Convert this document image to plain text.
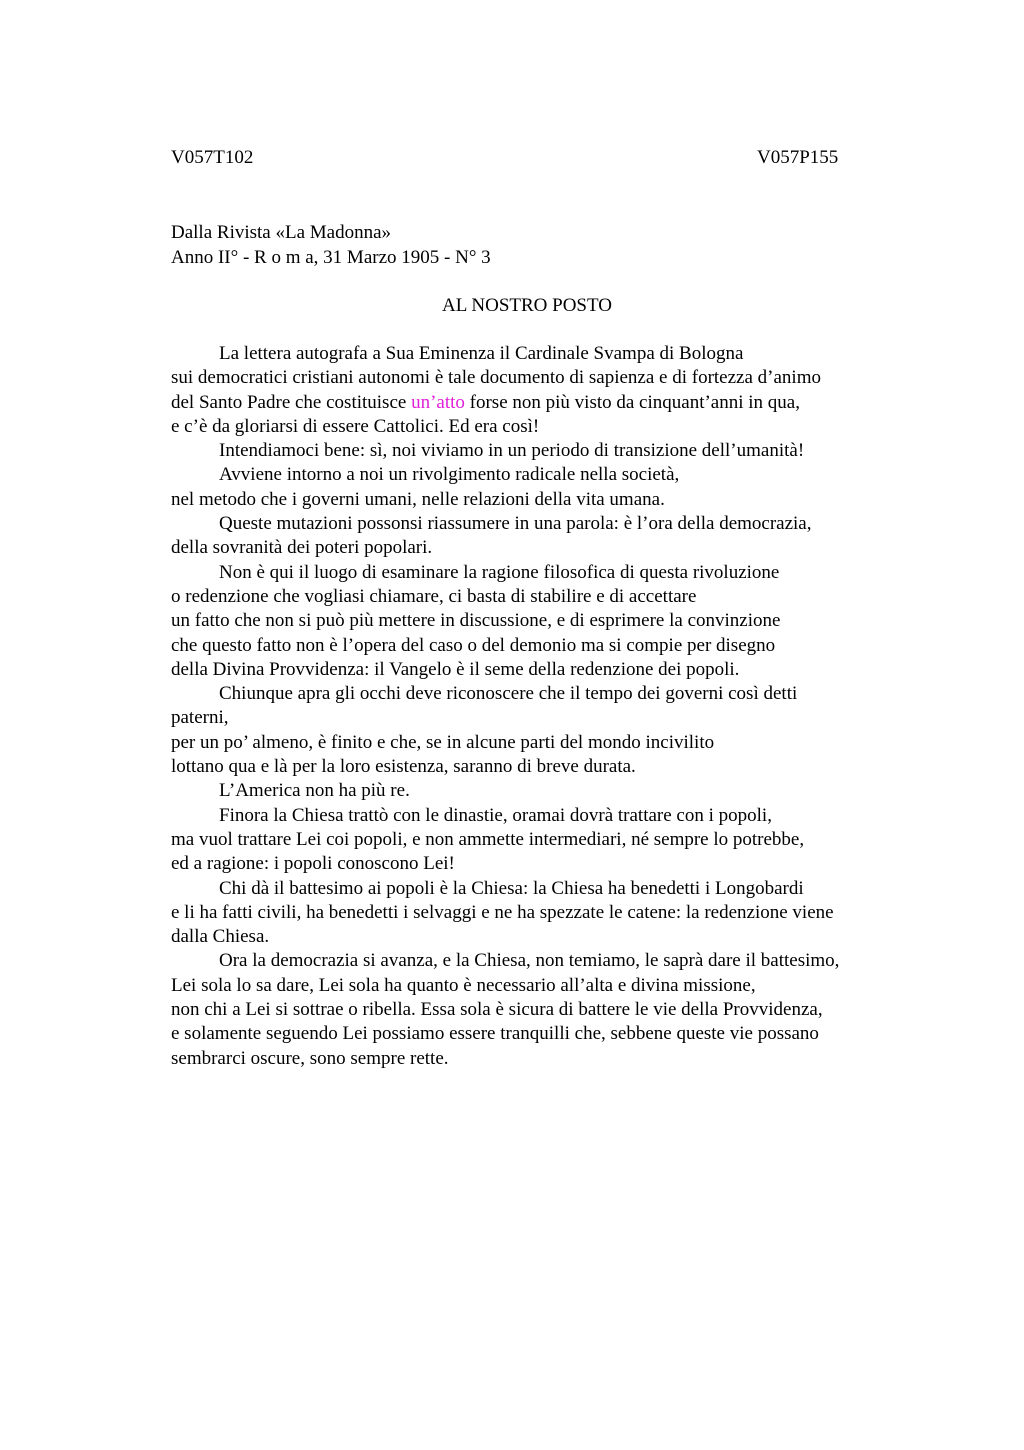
V057T102	V057P155
Dalla Rivista «La Madonna»
Anno II° - R o m a, 31 Marzo 1905 - N° 3
AL NOSTRO POSTO
La lettera autografa a Sua Eminenza il Cardinale Svampa di Bologna
sui democratici cristiani autonomi è tale documento di sapienza e di fortezza d’animo
del Santo Padre che costituisce un’atto forse non più visto da cinquant’anni in qua,
e c’è da gloriarsi di essere Cattolici. Ed era così!
Intendiamoci bene: sì, noi viviamo in un periodo di transizione dell’umanità!
Avviene intorno a noi un rivolgimento radicale nella società,
nel metodo che i governi umani, nelle relazioni della vita umana.
Queste mutazioni possonsi riassumere in una parola: è l’ora della democrazia,
della sovranità dei poteri popolari.
Non è qui il luogo di esaminare la ragione filosofica di questa rivoluzione
o redenzione che vogliasi chiamare, ci basta di stabilire e di accettare
un fatto che non si può più mettere in discussione, e di esprimere la convinzione
che questo fatto non è l’opera del caso o del demonio ma si compie per disegno
della Divina Provvidenza: il Vangelo è il seme della redenzione dei popoli.
Chiunque apra gli occhi deve riconoscere che il tempo dei governi così detti
paterni,
per un po’ almeno, è finito e che, se in alcune parti del mondo incivilito
lottano qua e là per la loro esistenza, saranno di breve durata.
L’America non ha più re.
Finora la Chiesa trattò con le dinastie, oramai dovrà trattare con i popoli,
ma vuol trattare Lei coi popoli, e non ammette intermediari, né sempre lo potrebbe,
ed a ragione: i popoli conoscono Lei!
Chi dà il battesimo ai popoli è la Chiesa: la Chiesa ha benedetti i Longobardi
e li ha fatti civili, ha benedetti i selvaggi e ne ha spezzate le catene: la redenzione viene
dalla Chiesa.
Ora la democrazia si avanza, e la Chiesa, non temiamo, le saprà dare il battesimo,
Lei sola lo sa dare, Lei sola ha quanto è necessario all’alta e divina missione,
non chi a Lei si sottrae o ribella. Essa sola è sicura di battere le vie della Provvidenza,
e solamente seguendo Lei possiamo essere tranquilli che, sebbene queste vie possano
sembrarci oscure, sono sempre rette.
